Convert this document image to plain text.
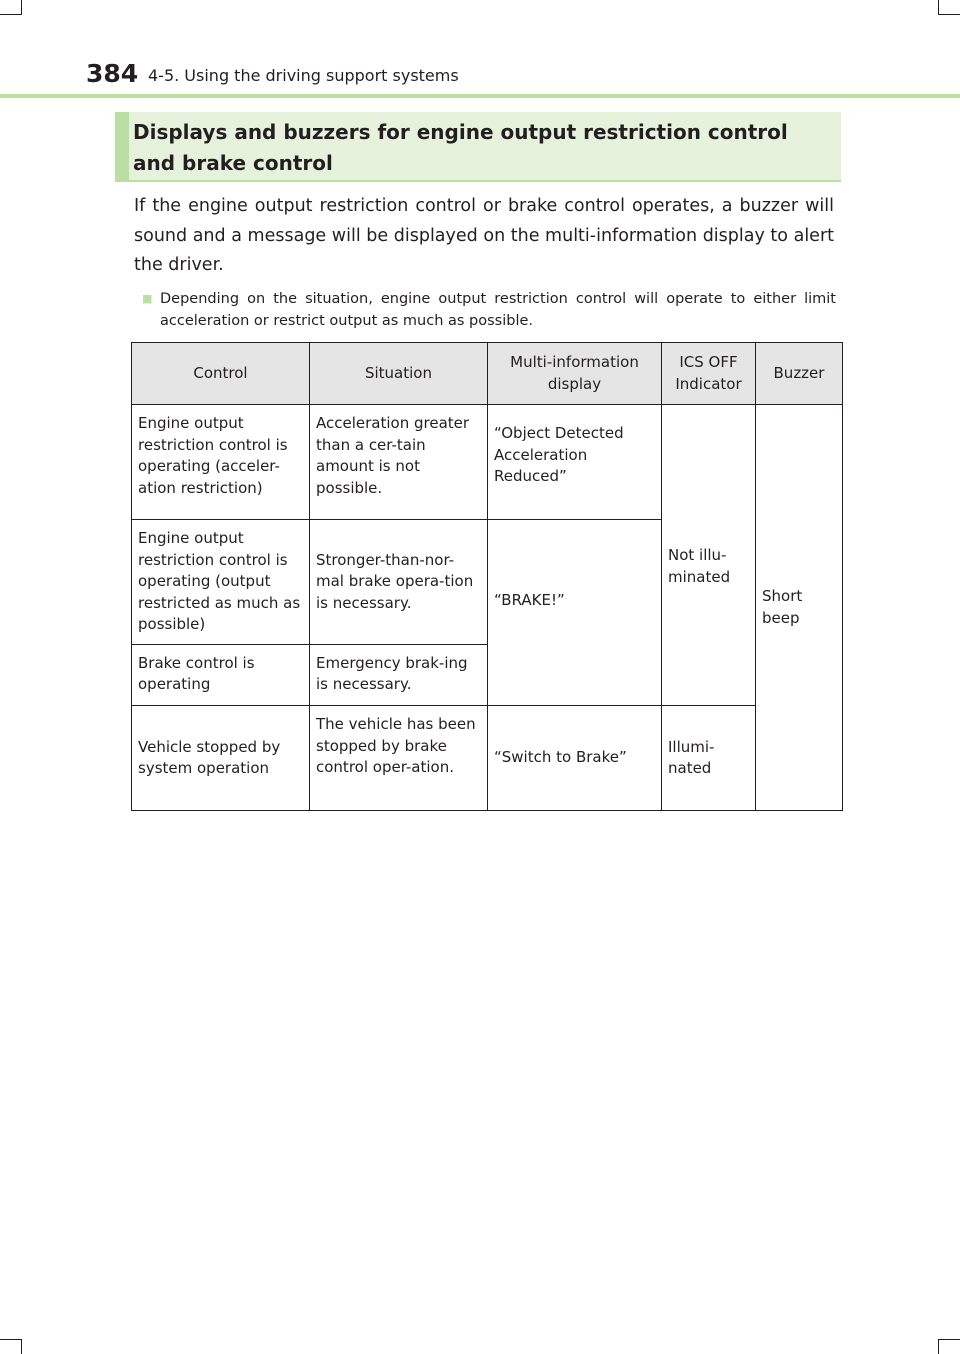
384 4-5. Using the driving support systems
Displays and buzzers for engine output restriction control and brake control
If the engine output restriction control or brake control operates, a buzzer will sound and a message will be displayed on the multi-information display to alert the driver.
■ Depending on the situation, engine output restriction control will operate to either limit acceleration or restrict output as much as possible.
Control	Situation	Multi-information display	ICS OFF Indicator	Buzzer
Engine output restriction control is operating (acceler-ation restriction)	Acceleration greater than a cer-tain amount is not possible.	“Object Detected Acceleration Reduced”	Not illu-minated	Short beep
Engine output restriction control is operating (output restricted as much as possible)	Stronger-than-nor-mal brake opera-tion is necessary.	“BRAKE!”		
Brake control is operating	Emergency brak-ing is necessary.			
Vehicle stopped by system operation	The vehicle has been stopped by brake control oper-ation.	“Switch to Brake”	Illumi-nated	
